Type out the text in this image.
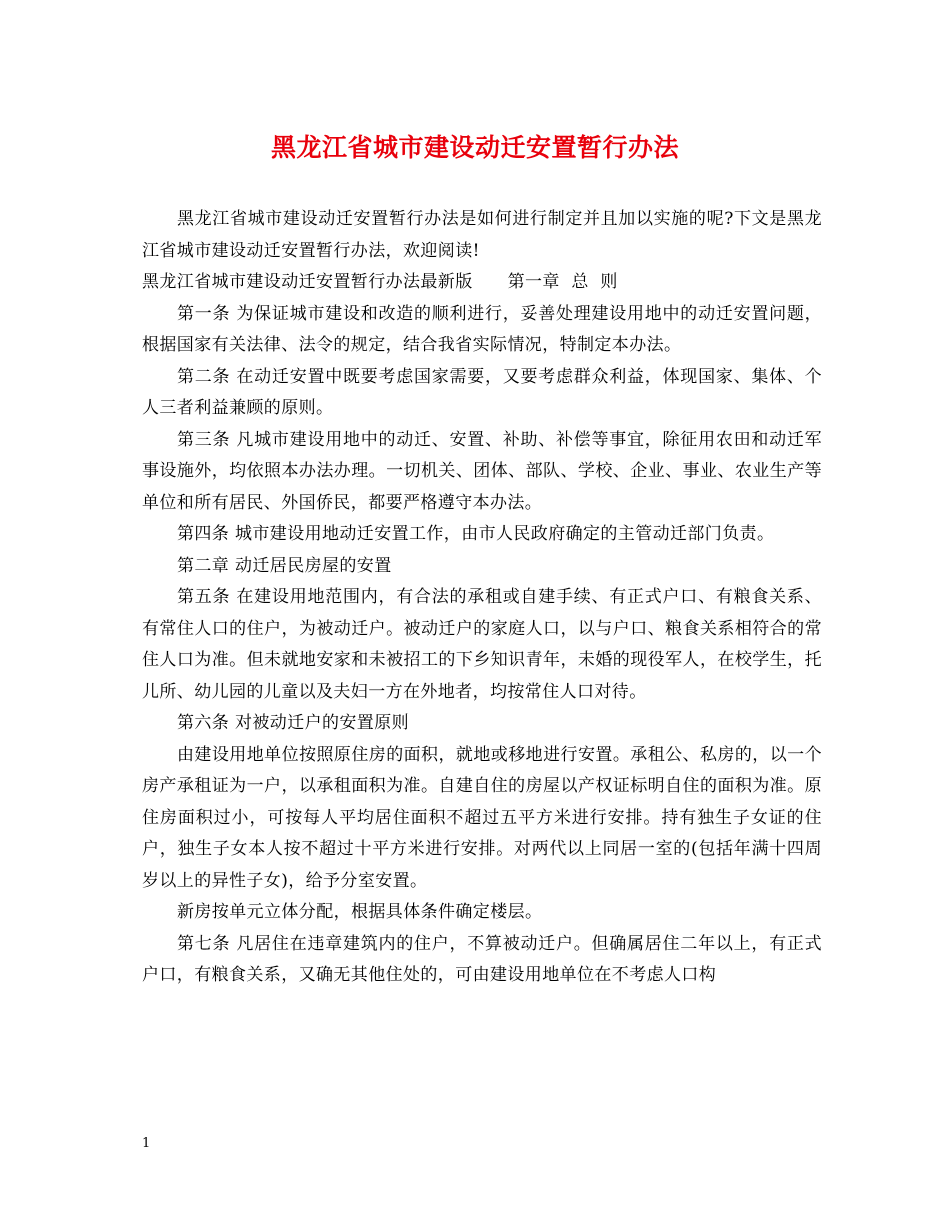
黑龙江省城市建设动迁安置暂行办法

黑龙江省城市建设动迁安置暂行办法是如何进行制定并且加以实施的呢?下文是黑龙江省城市建设动迁安置暂行办法，欢迎阅读!

黑龙江省城市建设动迁安置暂行办法最新版 第一章  总  则

第一条 为保证城市建设和改造的顺利进行，妥善处理建设用地中的动迁安置问题，根据国家有关法律、法令的规定，结合我省实际情况，特制定本办法。

第二条 在动迁安置中既要考虑国家需要，又要考虑群众利益，体现国家、集体、个人三者利益兼顾的原则。

第三条 凡城市建设用地中的动迁、安置、补助、补偿等事宜，除征用农田和动迁军事设施外，均依照本办法办理。一切机关、团体、部队、学校、企业、事业、农业生产等单位和所有居民、外国侨民，都要严格遵守本办法。

第四条 城市建设用地动迁安置工作，由市人民政府确定的主管动迁部门负责。

第二章 动迁居民房屋的安置

第五条 在建设用地范围内，有合法的承租或自建手续、有正式户口、有粮食关系、有常住人口的住户，为被动迁户。被动迁户的家庭人口，以与户口、粮食关系相符合的常住人口为准。但未就地安家和未被招工的下乡知识青年，未婚的现役军人，在校学生，托儿所、幼儿园的儿童以及夫妇一方在外地者，均按常住人口对待。

第六条 对被动迁户的安置原则

由建设用地单位按照原住房的面积，就地或移地进行安置。承租公、私房的，以一个房产承租证为一户，以承租面积为准。自建自住的房屋以产权证标明自住的面积为准。原住房面积过小，可按每人平均居住面积不超过五平方米进行安排。持有独生子女证的住户，独生子女本人按不超过十平方米进行安排。对两代以上同居一室的(包括年满十四周岁以上的异性子女)，给予分室安置。

新房按单元立体分配，根据具体条件确定楼层。

第七条 凡居住在违章建筑内的住户，不算被动迁户。但确属居住二年以上，有正式户口，有粮食关系，又确无其他住处的，可由建设用地单位在不考虑人口构

1
